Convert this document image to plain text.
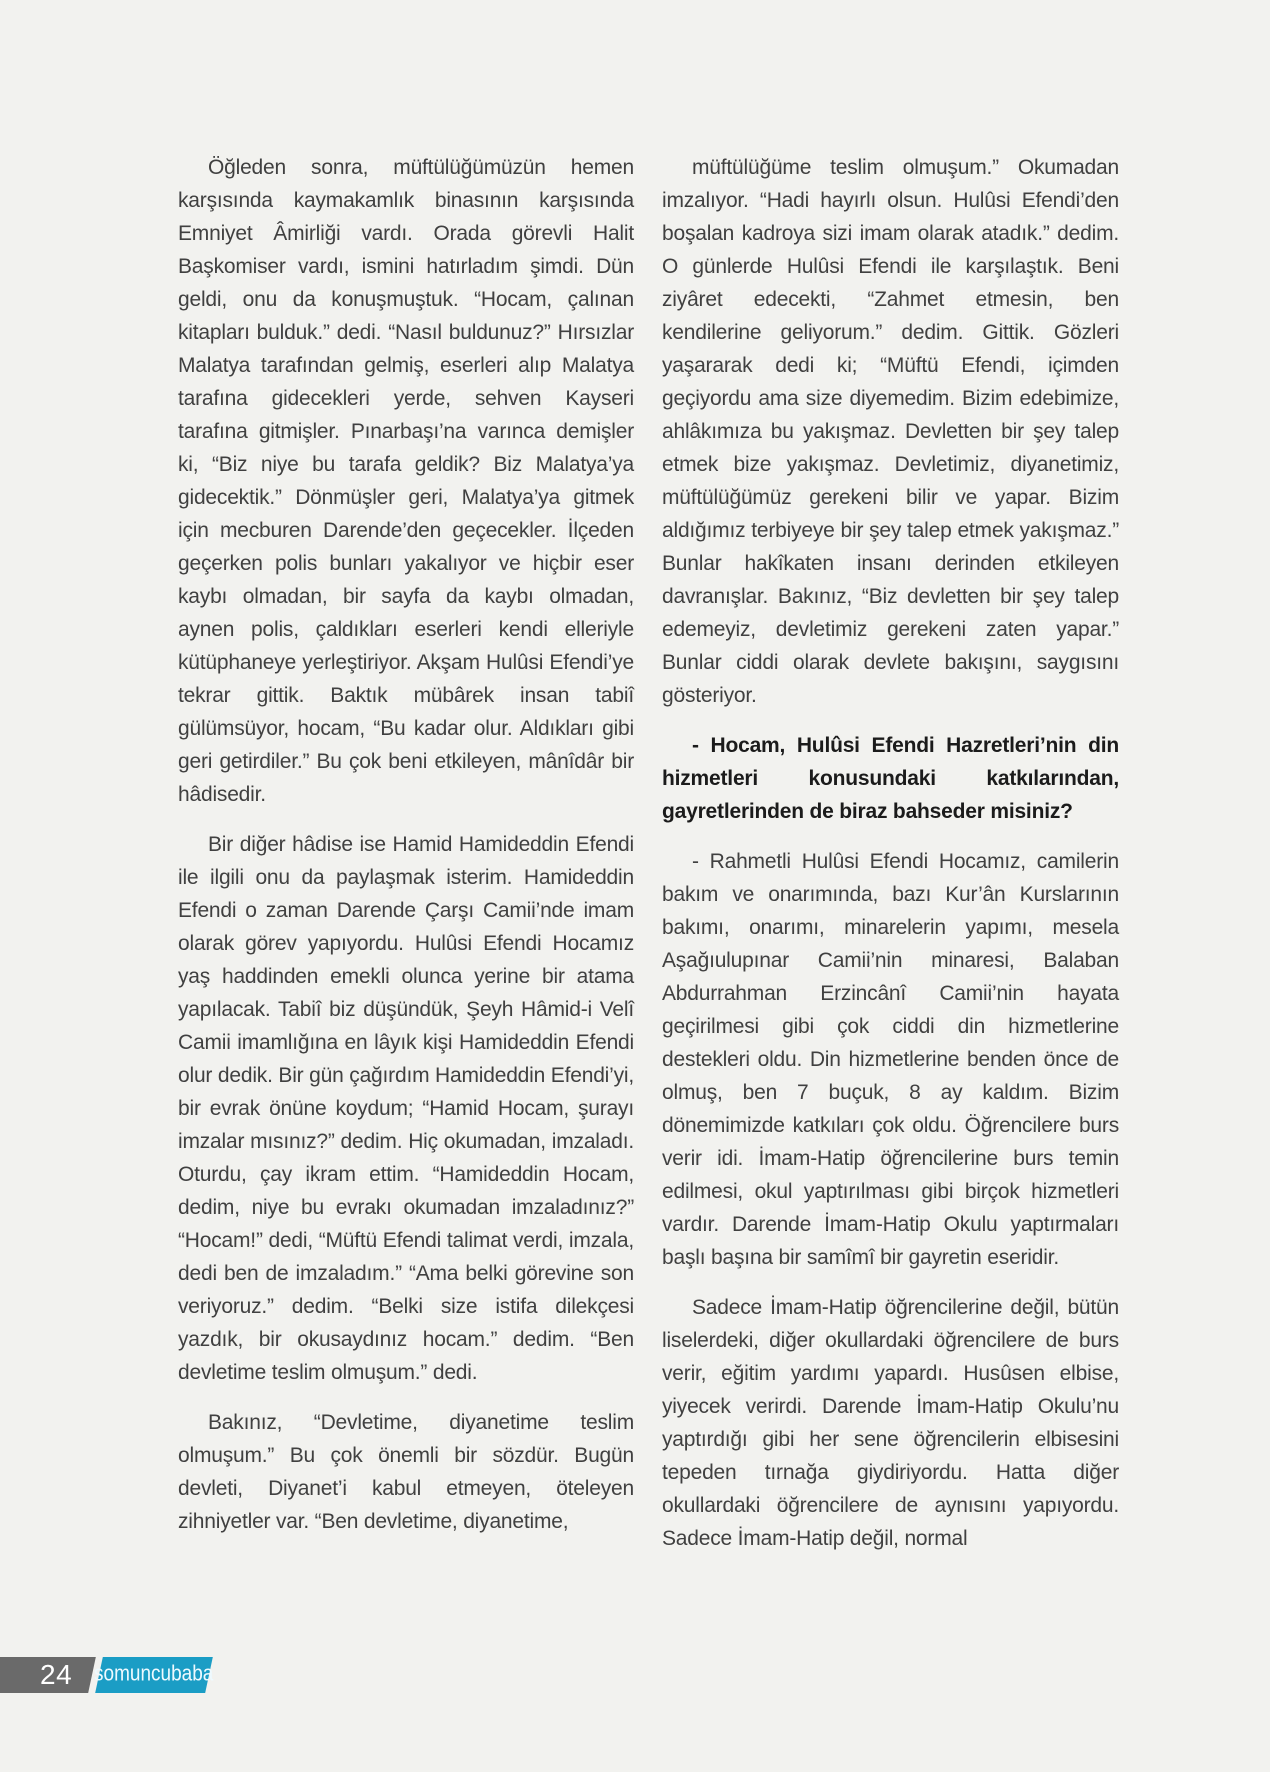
Öğleden sonra, müftülüğümüzün hemen karşısında kaymakamlık binasının karşısında Emniyet Âmirliği vardı. Orada görevli Halit Başkomiser vardı, ismini hatırladım şimdi. Dün geldi, onu da konuşmuştuk. “Hocam, çalınan kitapları bulduk.” dedi. “Nasıl buldunuz?” Hırsızlar Malatya tarafından gelmiş, eserleri alıp Malatya tarafına gidecekleri yerde, sehven Kayseri tarafına gitmişler. Pınarbaşı’na varınca demişler ki, “Biz niye bu tarafa geldik? Biz Malatya’ya gidecektik.” Dönmüşler geri, Malatya’ya gitmek için mecburen Darende’den geçecekler. İlçeden geçerken polis bunları yakalıyor ve hiçbir eser kaybı olmadan, bir sayfa da kaybı olmadan, aynen polis, çaldıkları eserleri kendi elleriyle kütüphaneye yerleştiriyor. Akşam Hulûsi Efendi’ye tekrar gittik. Baktık mübârek insan tabiî gülümsüyor, hocam, “Bu kadar olur. Aldıkları gibi geri getirdiler.” Bu çok beni etkileyen, mânîdâr bir hâdisedir.

Bir diğer hâdise ise Hamid Hamideddin Efendi ile ilgili onu da paylaşmak isterim. Hamideddin Efendi o zaman Darende Çarşı Camii’nde imam olarak görev yapıyordu. Hulûsi Efendi Hocamız yaş haddinden emekli olunca yerine bir atama yapılacak. Tabiî biz düşündük, Şeyh Hâmid-i Velî Camii imamlığına en lâyık kişi Hamideddin Efendi olur dedik. Bir gün çağırdım Hamideddin Efendi’yi, bir evrak önüne koydum; “Hamid Hocam, şurayı imzalar mısınız?” dedim. Hiç okumadan, imzaladı. Oturdu, çay ikram ettim. “Hamideddin Hocam, dedim, niye bu evrakı okumadan imzaladınız?” “Hocam!” dedi, “Müftü Efendi talimat verdi, imzala, dedi ben de imzaladım.” “Ama belki görevine son veriyoruz.” dedim. “Belki size istifa dilekçesi yazdık, bir okusaydınız hocam.” dedim. “Ben devletime teslim olmuşum.” dedi.

Bakınız, “Devletime, diyanetime teslim olmuşum.” Bu çok önemli bir sözdür. Bugün devleti, Diyanet’i kabul etmeyen, öteleyen zihniyetler var. “Ben devletime, diyanetime,

müftülüğüme teslim olmuşum.” Okumadan imzalıyor. “Hadi hayırlı olsun. Hulûsi Efendi’den boşalan kadroya sizi imam olarak atadık.” dedim. O günlerde Hulûsi Efendi ile karşılaştık. Beni ziyâret edecekti, “Zahmet etmesin, ben kendilerine geliyorum.” dedim. Gittik. Gözleri yaşararak dedi ki; “Müftü Efendi, içimden geçiyordu ama size diyemedim. Bizim edebimize, ahlâkımıza bu yakışmaz. Devletten bir şey talep etmek bize yakışmaz. Devletimiz, diyanetimiz, müftülüğümüz gerekeni bilir ve yapar. Bizim aldığımız terbiyeye bir şey talep etmek yakışmaz.” Bunlar hakîkaten insanı derinden etkileyen davranışlar. Bakınız, “Biz devletten bir şey talep edemeyiz, devletimiz gerekeni zaten yapar.” Bunlar ciddi olarak devlete bakışını, saygısını gösteriyor.

- Hocam, Hulûsi Efendi Hazretleri’nin din hizmetleri konusundaki katkılarından, gayretlerinden de biraz bahseder misiniz?

- Rahmetli Hulûsi Efendi Hocamız, camilerin bakım ve onarımında, bazı Kur’ân Kurslarının bakımı, onarımı, minarelerin yapımı, mesela Aşağıulupınar Camii’nin minaresi, Balaban Abdurrahman Erzincânî Camii’nin hayata geçirilmesi gibi çok ciddi din hizmetlerine destekleri oldu. Din hizmetlerine benden önce de olmuş, ben 7 buçuk, 8 ay kaldım. Bizim dönemimizde katkıları çok oldu. Öğrencilere burs verir idi. İmam-Hatip öğrencilerine burs temin edilmesi, okul yaptırılması gibi birçok hizmetleri vardır. Darende İmam-Hatip Okulu yaptırmaları başlı başına bir samîmî bir gayretin eseridir.

Sadece İmam-Hatip öğrencilerine değil, bütün liselerdeki, diğer okullardaki öğrencilere de burs verir, eğitim yardımı yapardı. Husûsen elbise, yiyecek verirdi. Darende İmam-Hatip Okulu’nu yaptırdığı gibi her sene öğrencilerin elbisesini tepeden tırnağa giydiriyordu. Hatta diğer okullardaki öğrencilere de aynısını yapıyordu. Sadece İmam-Hatip değil, normal

24 somuncubaba
